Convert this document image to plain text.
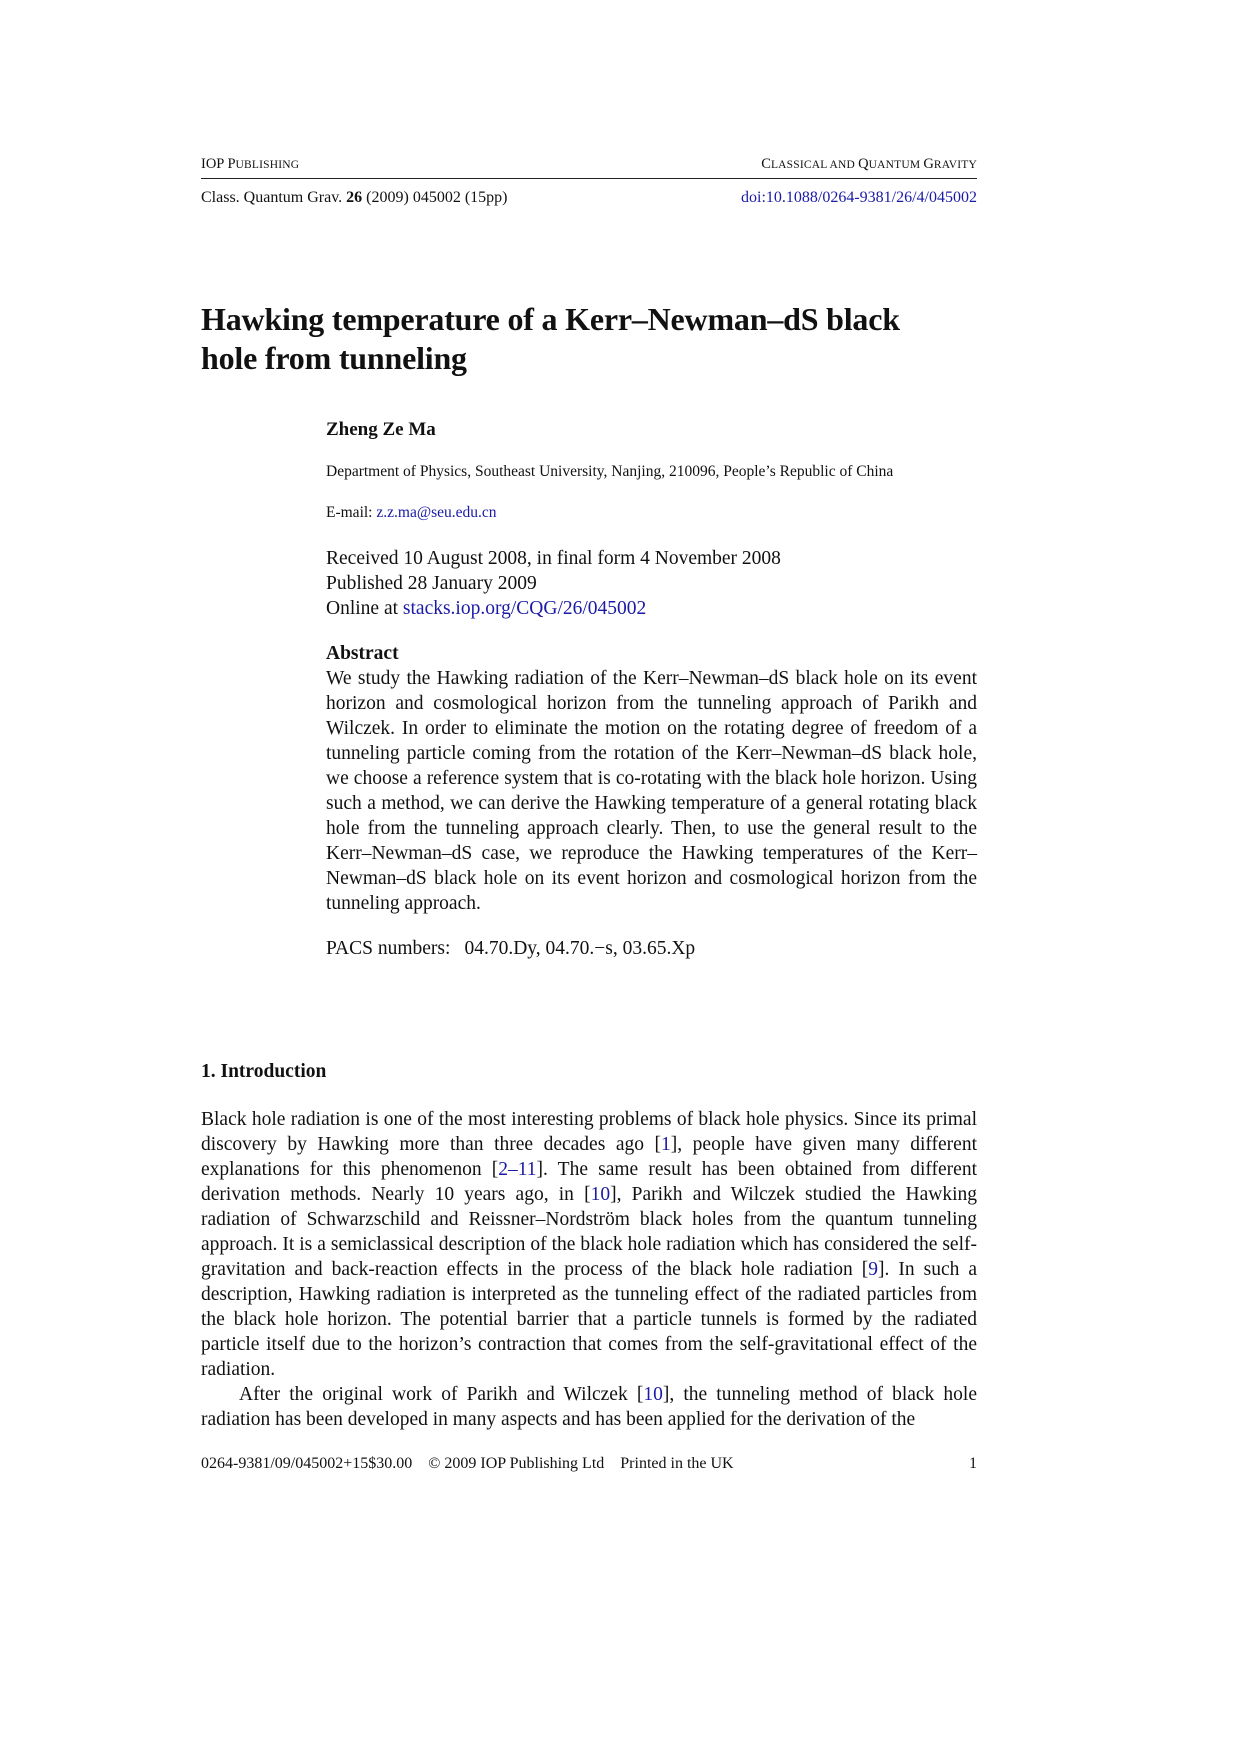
IOP PUBLISHING	CLASSICAL AND QUANTUM GRAVITY
Class. Quantum Grav. 26 (2009) 045002 (15pp)	doi:10.1088/0264-9381/26/4/045002
Hawking temperature of a Kerr–Newman–dS black
hole from tunneling
Zheng Ze Ma
Department of Physics, Southeast University, Nanjing, 210096, People’s Republic of China
E-mail: z.z.ma@seu.edu.cn
Received 10 August 2008, in final form 4 November 2008
Published 28 January 2009
Online at stacks.iop.org/CQG/26/045002
Abstract

We study the Hawking radiation of the Kerr–Newman–dS black hole on its event horizon and cosmological horizon from the tunneling approach of Parikh and Wilczek. In order to eliminate the motion on the rotating degree of freedom of a tunneling particle coming from the rotation of the Kerr–Newman–dS black hole, we choose a reference system that is co-rotating with the black hole horizon. Using such a method, we can derive the Hawking temperature of a general rotating black hole from the tunneling approach clearly. Then, to use the general result to the Kerr–Newman–dS case, we reproduce the Hawking temperatures of the Kerr–Newman–dS black hole on its event horizon and cosmological horizon from the tunneling approach.

PACS numbers: 04.70.Dy, 04.70.−s, 03.65.Xp
1. Introduction

Black hole radiation is one of the most interesting problems of black hole physics. Since its primal discovery by Hawking more than three decades ago [1], people have given many different explanations for this phenomenon [2–11]. The same result has been obtained from different derivation methods. Nearly 10 years ago, in [10], Parikh and Wilczek studied the Hawking radiation of Schwarzschild and Reissner–Nordström black holes from the quantum tunneling approach. It is a semiclassical description of the black hole radiation which has considered the self-gravitation and back-reaction effects in the process of the black hole radiation [9]. In such a description, Hawking radiation is interpreted as the tunneling effect of the radiated particles from the black hole horizon. The potential barrier that a particle tunnels is formed by the radiated particle itself due to the horizon’s contraction that comes from the self-gravitational effect of the radiation.

After the original work of Parikh and Wilczek [10], the tunneling method of black hole radiation has been developed in many aspects and has been applied for the derivation of the

0264-9381/09/045002+15$30.00 © 2009 IOP Publishing Ltd Printed in the UK	1
